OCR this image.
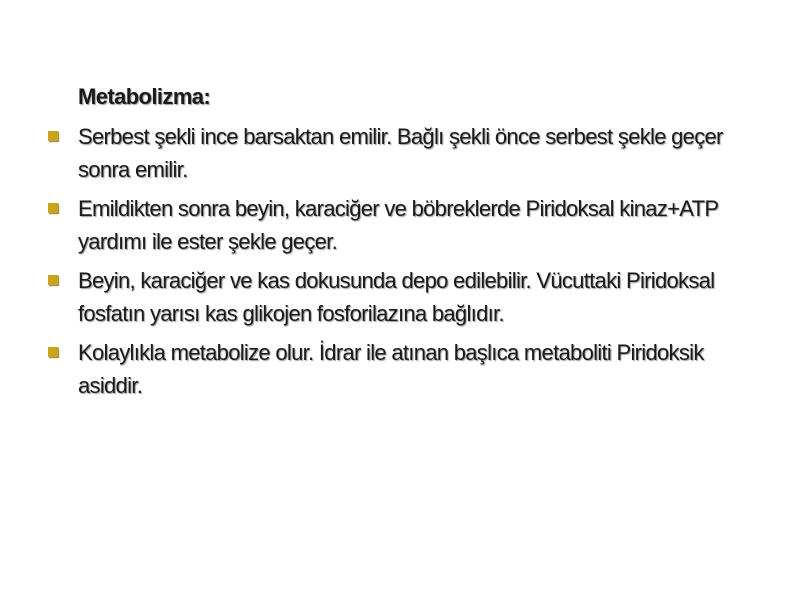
Metabolizma:
Serbest şekli ince barsaktan emilir. Bağlı şekli önce serbest şekle geçer sonra emilir.
Emildikten sonra beyin, karaciğer ve böbreklerde Piridoksal kinaz+ATP yardımı ile ester şekle geçer.
Beyin, karaciğer ve kas dokusunda depo edilebilir. Vücuttaki Piridoksal fosfatın yarısı kas glikojen fosforilazına bağlıdır.
Kolaylıkla metabolize olur. İdrar ile atınan başlıca metaboliti Piridoksik asiddir.
